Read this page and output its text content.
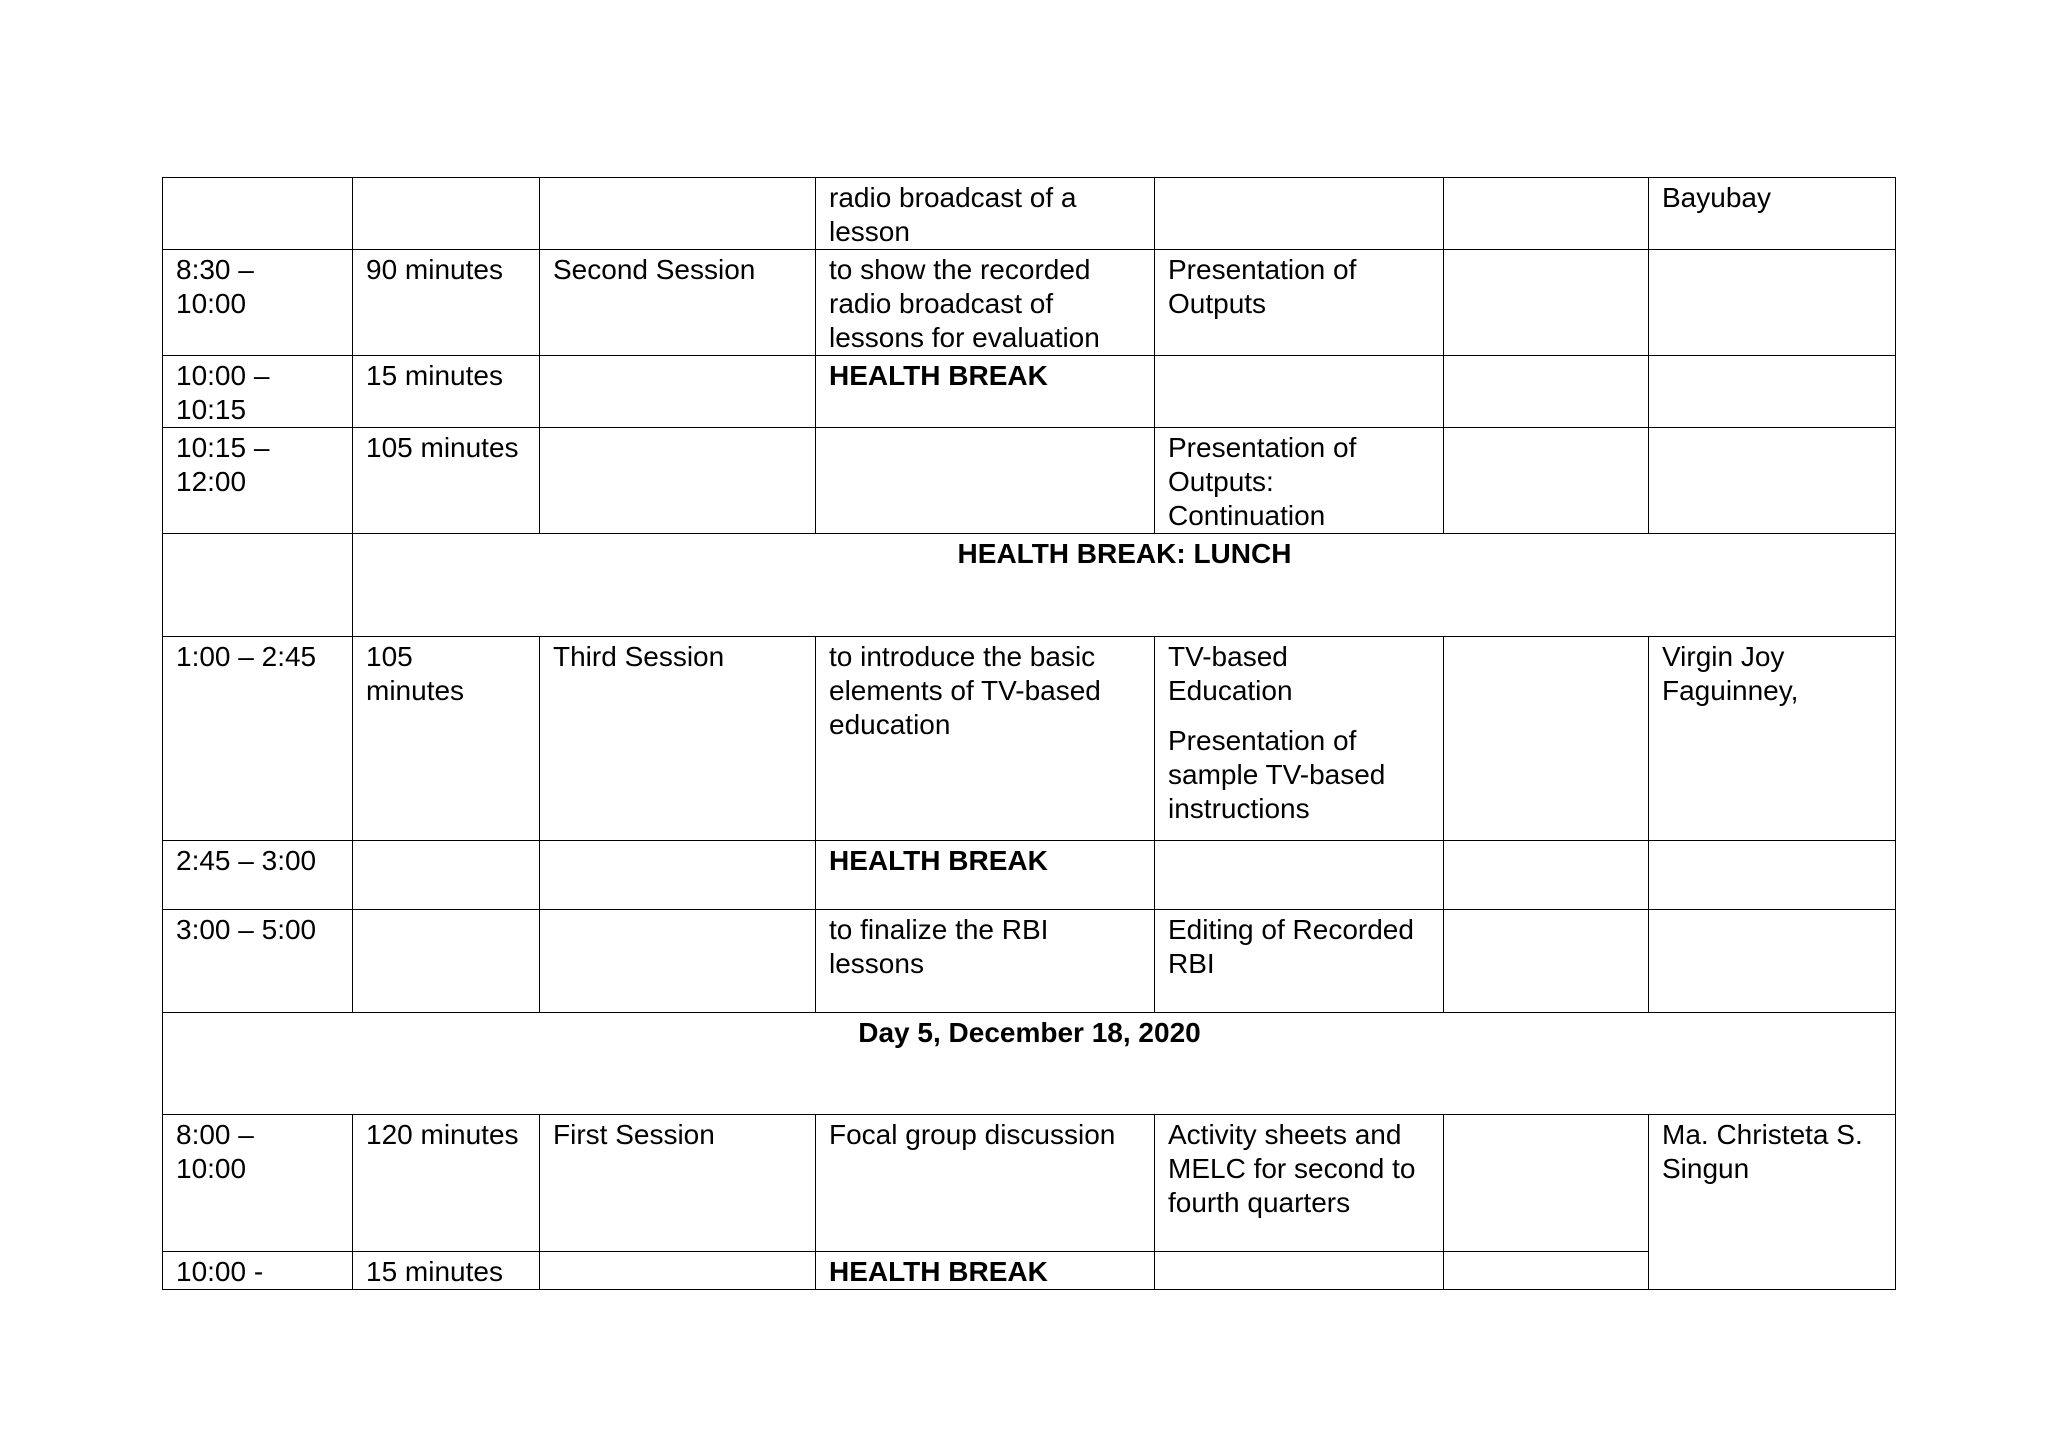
			radio broadcast of a
lesson			Bayubay

8:30 –
10:00	90 minutes	Second Session	to show the recorded
radio broadcast of
lessons for evaluation	Presentation of
Outputs		

10:00 –
10:15	15 minutes		HEALTH BREAK			

10:15 –
12:00	105 minutes			Presentation of
Outputs:
Continuation		

	HEALTH BREAK: LUNCH					
1:00 – 2:45	105
minutes	Third Session	to introduce the basic
elements of TV-based
education	TV-based
Education
Presentation of
sample TV-based
instructions		Virgin Joy
Faguinney,

2:45 – 3:00			HEALTH BREAK			
3:00 – 5:00			to finalize the RBI
lessons	Editing of Recorded
RBI		

Day 5, December 18, 2020						

8:00 –
10:00	120 minutes	First Session	Focal group discussion	Activity sheets and
MELC for second to
fourth quarters		Ma. Christeta S.
Singun

10:00 -	15 minutes		HEALTH BREAK			
